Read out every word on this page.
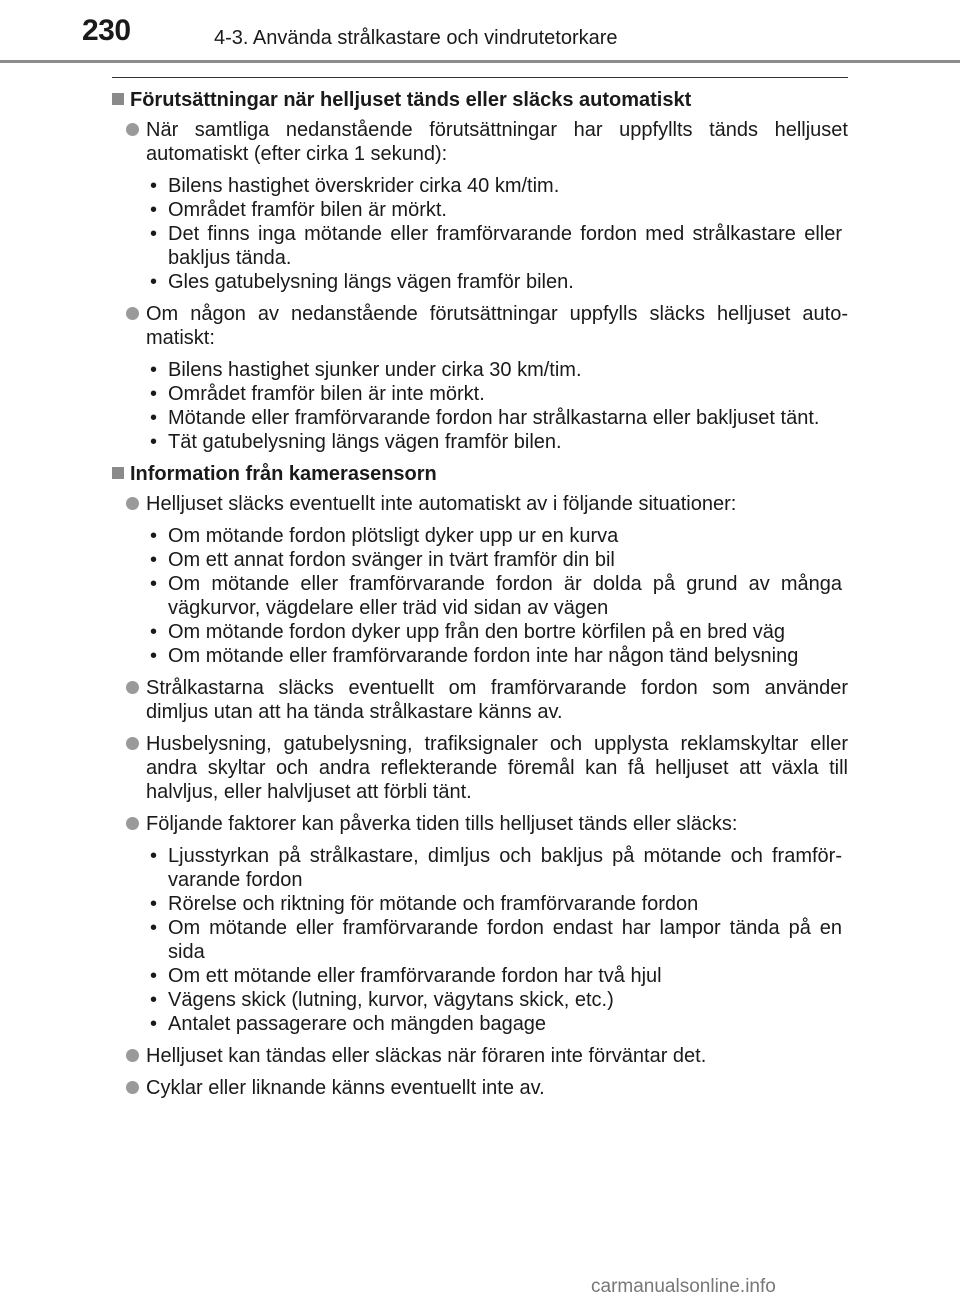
230	4-3. Använda strålkastare och vindrutetorkare
Förutsättningar när helljuset tänds eller släcks automatiskt
När samtliga nedanstående förutsättningar har uppfyllts tänds helljuset automatiskt (efter cirka 1 sekund):
• Bilens hastighet överskrider cirka 40 km/tim.
• Området framför bilen är mörkt.
• Det finns inga mötande eller framförvarande fordon med strålkastare eller bakljus tända.
• Gles gatubelysning längs vägen framför bilen.
Om någon av nedanstående förutsättningar uppfylls släcks helljuset auto-matiskt:
• Bilens hastighet sjunker under cirka 30 km/tim.
• Området framför bilen är inte mörkt.
• Mötande eller framförvarande fordon har strålkastarna eller bakljuset tänt.
• Tät gatubelysning längs vägen framför bilen.
Information från kamerasensorn
Helljuset släcks eventuellt inte automatiskt av i följande situationer:
• Om mötande fordon plötsligt dyker upp ur en kurva
• Om ett annat fordon svänger in tvärt framför din bil
• Om mötande eller framförvarande fordon är dolda på grund av många vägkurvor, vägdelare eller träd vid sidan av vägen
• Om mötande fordon dyker upp från den bortre körfilen på en bred väg
• Om mötande eller framförvarande fordon inte har någon tänd belysning
Strålkastarna släcks eventuellt om framförvarande fordon som använder dimljus utan att ha tända strålkastare känns av.
Husbelysning, gatubelysning, trafiksignaler och upplysta reklamskyltar eller andra skyltar och andra reflekterande föremål kan få helljuset att växla till halvljus, eller halvljuset att förbli tänt.
Följande faktorer kan påverka tiden tills helljuset tänds eller släcks:
• Ljusstyrkan på strålkastare, dimljus och bakljus på mötande och framför-varande fordon
• Rörelse och riktning för mötande och framförvarande fordon
• Om mötande eller framförvarande fordon endast har lampor tända på en sida
• Om ett mötande eller framförvarande fordon har två hjul
• Vägens skick (lutning, kurvor, vägytans skick, etc.)
• Antalet passagerare och mängden bagage
Helljuset kan tändas eller släckas när föraren inte förväntar det.
Cyklar eller liknande känns eventuellt inte av.
carmanualsonline.info
